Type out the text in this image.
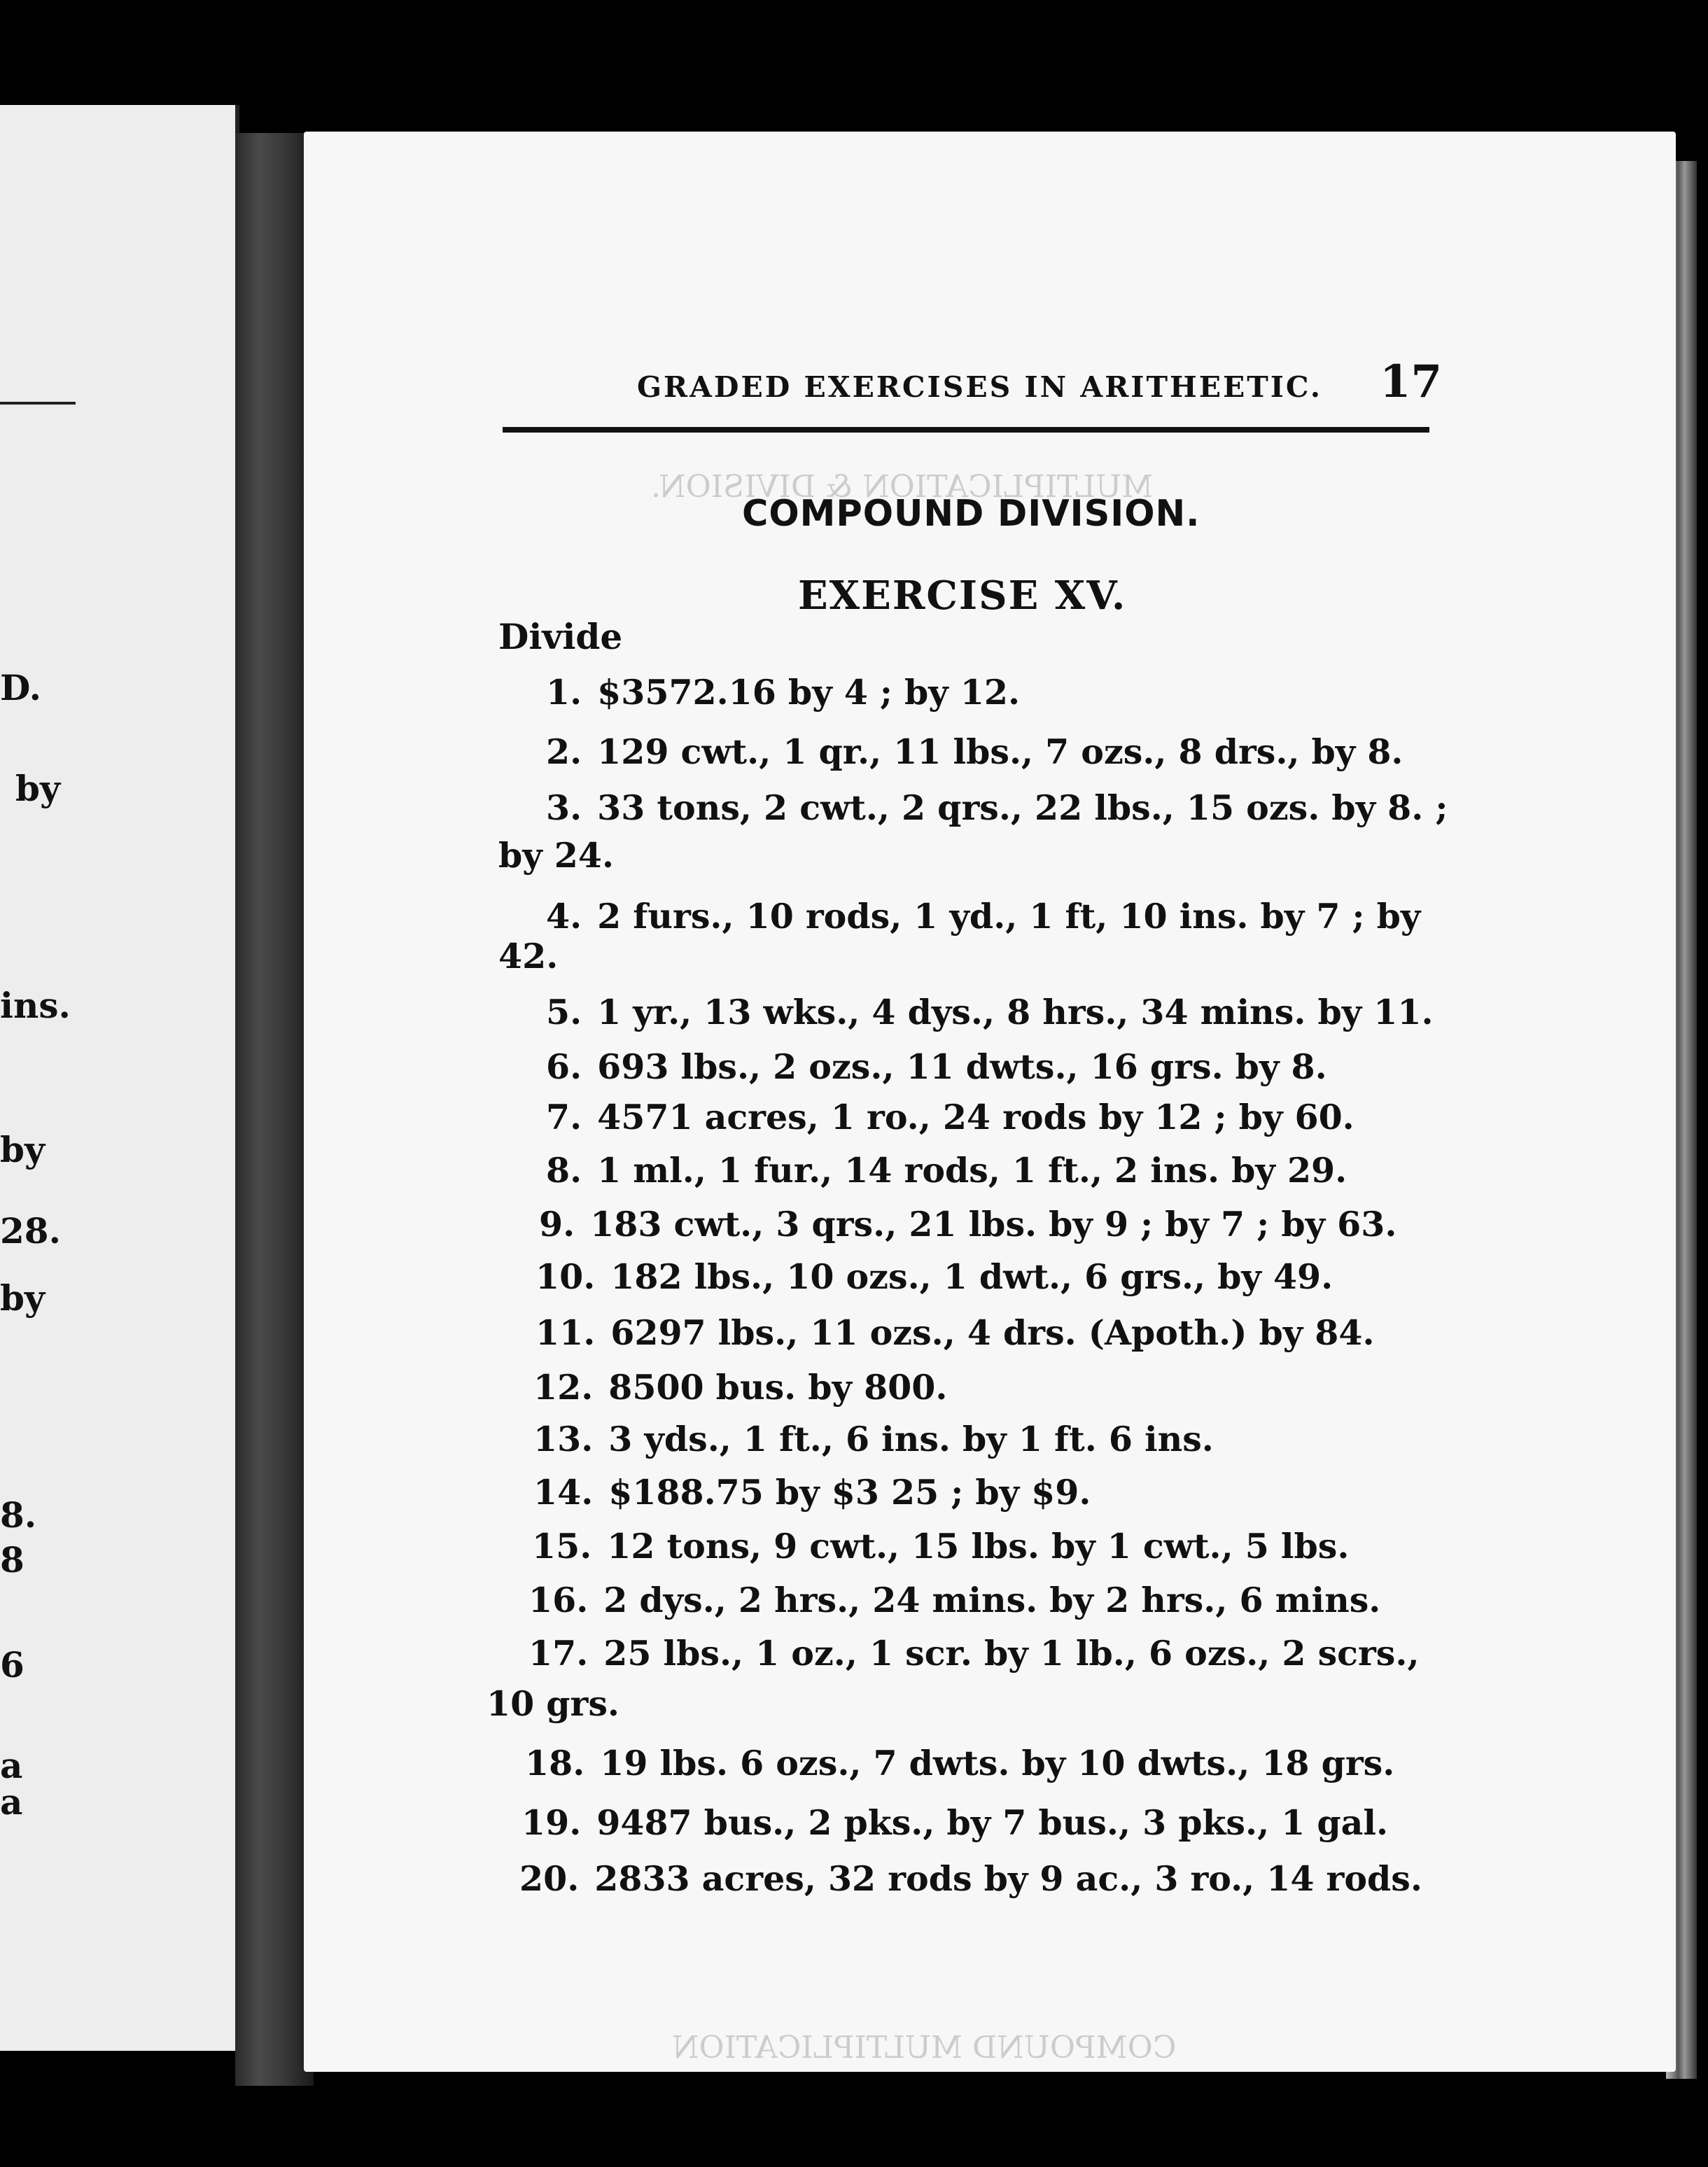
D.
by
ins.
by
28.
by
8.
8
6
a
a
MULTIPLICATION & DIVISION.
COMPOUND MULTIPLICATION
GRADED EXERCISES IN ARITHEETIC. 17
COMPOUND DIVISION.
EXERCISE XV.
Divide
1. $3572.16 by 4 ; by 12.
2. 129 cwt., 1 qr., 11 lbs., 7 ozs., 8 drs., by 8.
3. 33 tons, 2 cwt., 2 qrs., 22 lbs., 15 ozs. by 8. ;
by 24.
4. 2 furs., 10 rods, 1 yd., 1 ft, 10 ins. by 7 ; by
42.
5. 1 yr., 13 wks., 4 dys., 8 hrs., 34 mins. by 11.
6. 693 lbs., 2 ozs., 11 dwts., 16 grs. by 8.
7. 4571 acres, 1 ro., 24 rods by 12 ; by 60.
8. 1 ml., 1 fur., 14 rods, 1 ft., 2 ins. by 29.
9. 183 cwt., 3 qrs., 21 lbs. by 9 ; by 7 ; by 63.
10. 182 lbs., 10 ozs., 1 dwt., 6 grs., by 49.
11. 6297 lbs., 11 ozs., 4 drs. (Apoth.) by 84.
12. 8500 bus. by 800.
13. 3 yds., 1 ft., 6 ins. by 1 ft. 6 ins.
14. $188.75 by $3 25 ; by $9.
15. 12 tons, 9 cwt., 15 lbs. by 1 cwt., 5 lbs.
16. 2 dys., 2 hrs., 24 mins. by 2 hrs., 6 mins.
17. 25 lbs., 1 oz., 1 scr. by 1 lb., 6 ozs., 2 scrs.,
10 grs.
18. 19 lbs. 6 ozs., 7 dwts. by 10 dwts., 18 grs.
19. 9487 bus., 2 pks., by 7 bus., 3 pks., 1 gal.
20. 2833 acres, 32 rods by 9 ac., 3 ro., 14 rods.
